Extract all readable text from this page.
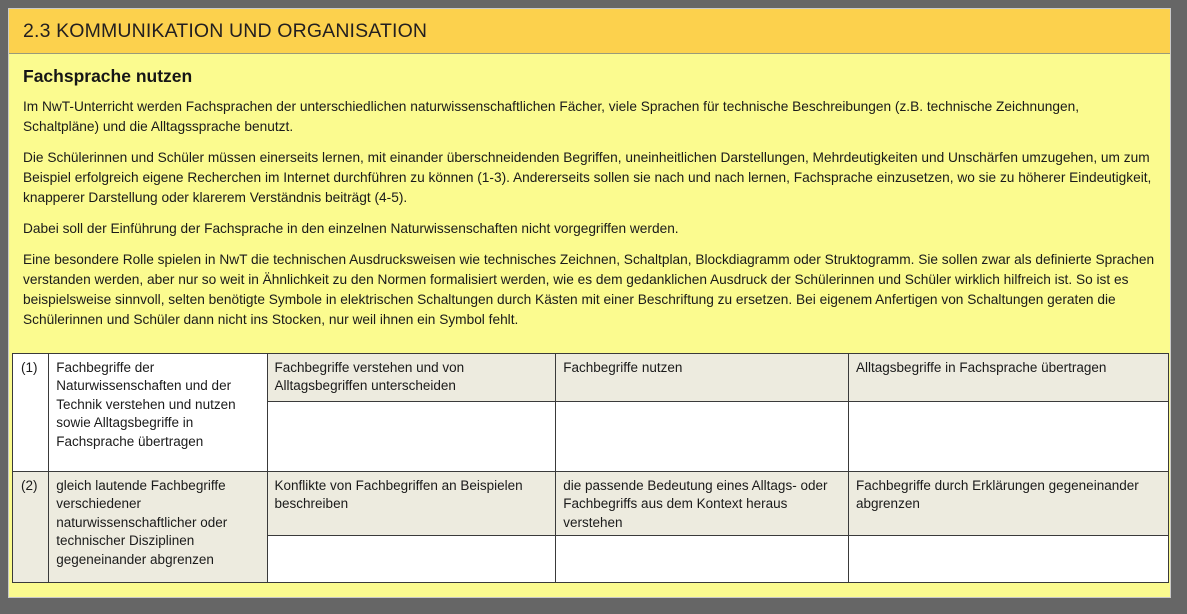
2.3 KOMMUNIKATION UND ORGANISATION
Fachsprache nutzen

Im NwT-Unterricht werden Fachsprachen der unterschiedlichen naturwissenschaftlichen Fächer, viele Sprachen für technische Beschreibungen (z.B. technische Zeichnungen, Schaltpläne) und die Alltagssprache benutzt.

Die Schülerinnen und Schüler müssen einerseits lernen, mit einander überschneidenden Begriffen, uneinheitlichen Darstellungen, Mehrdeutigkeiten und Unschärfen umzugehen, um zum Beispiel erfolgreich eigene Recherchen im Internet durchführen zu können (1-3). Andererseits sollen sie nach und nach lernen, Fachsprache einzusetzen, wo sie zu höherer Eindeutigkeit, knapperer Darstellung oder klarerem Verständnis beiträgt (4-5).

Dabei soll der Einführung der Fachsprache in den einzelnen Naturwissenschaften nicht vorgegriffen werden.

Eine besondere Rolle spielen in NwT die technischen Ausdrucksweisen wie technisches Zeichnen, Schaltplan, Blockdiagramm oder Struktogramm. Sie sollen zwar als definierte Sprachen verstanden werden, aber nur so weit in Ähnlichkeit zu den Normen formalisiert werden, wie es dem gedanklichen Ausdruck der Schülerinnen und Schüler wirklich hilfreich ist. So ist es beispielsweise sinnvoll, selten benötigte Symbole in elektrischen Schaltungen durch Kästen mit einer Beschriftung zu ersetzen. Bei eigenem Anfertigen von Schaltungen geraten die Schülerinnen und Schüler dann nicht ins Stocken, nur weil ihnen ein Symbol fehlt.

(1)	Fachbegriffe der Naturwissenschaften und der Technik verstehen und nutzen sowie Alltagsbegriffe in Fachsprache übertragen	Fachbegriffe verstehen und von Alltagsbegriffen unterscheiden	Fachbegriffe nutzen	Alltagsbegriffe in Fachsprache übertragen

(2)	gleich lautende Fachbegriffe verschiedener naturwissenschaftlicher oder technischer Disziplinen gegeneinander abgrenzen	Konflikte von Fachbegriffen an Beispielen beschreiben	die passende Bedeutung eines Alltags- oder Fachbegriffs aus dem Kontext heraus verstehen	Fachbegriffe durch Erklärungen gegeneinander abgrenzen
